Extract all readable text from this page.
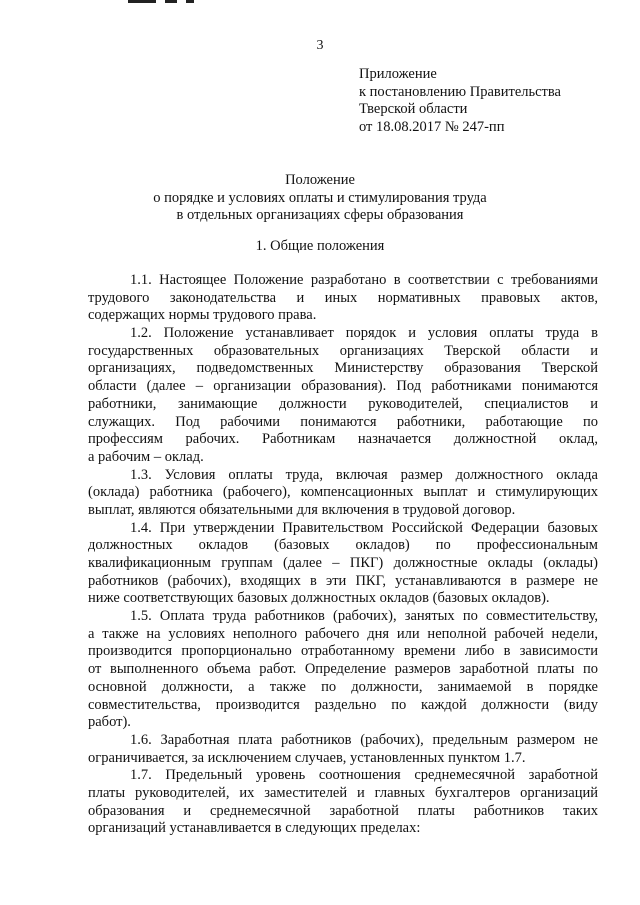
3
Приложение
к постановлению Правительства
Тверской области
от 18.08.2017 № 247-пп
Положение
о порядке и условиях оплаты и стимулирования труда
в отдельных организациях сферы образования
1. Общие положения
1.1. Настоящее Положение разработано в соответствии с требованиями
трудового законодательства и иных нормативных правовых актов,
содержащих нормы трудового права.
1.2. Положение устанавливает порядок и условия оплаты труда в
государственных образовательных организациях Тверской области и
организациях, подведомственных Министерству образования Тверской
области (далее – организации образования). Под работниками понимаются
работники, занимающие должности руководителей, специалистов и
служащих. Под рабочими понимаются работники, работающие по
профессиям рабочих. Работникам назначается должностной оклад,
а рабочим – оклад.
1.3. Условия оплаты труда, включая размер должностного оклада
(оклада) работника (рабочего), компенсационных выплат и стимулирующих
выплат, являются обязательными для включения в трудовой договор.
1.4. При утверждении Правительством Российской Федерации базовых
должностных окладов (базовых окладов) по профессиональным
квалификационным группам (далее – ПКГ) должностные оклады (оклады)
работников (рабочих), входящих в эти ПКГ, устанавливаются в размере не
ниже соответствующих базовых должностных окладов (базовых окладов).
1.5. Оплата труда работников (рабочих), занятых по совместительству,
а также на условиях неполного рабочего дня или неполной рабочей недели,
производится пропорционально отработанному времени либо в зависимости
от выполненного объема работ. Определение размеров заработной платы по
основной должности, а также по должности, занимаемой в порядке
совместительства, производится раздельно по каждой должности (виду
работ).
1.6. Заработная плата работников (рабочих), предельным размером не
ограничивается, за исключением случаев, установленных пунктом 1.7.
1.7. Предельный уровень соотношения среднемесячной заработной
платы руководителей, их заместителей и главных бухгалтеров организаций
образования и среднемесячной заработной платы работников таких
организаций устанавливается в следующих пределах:
